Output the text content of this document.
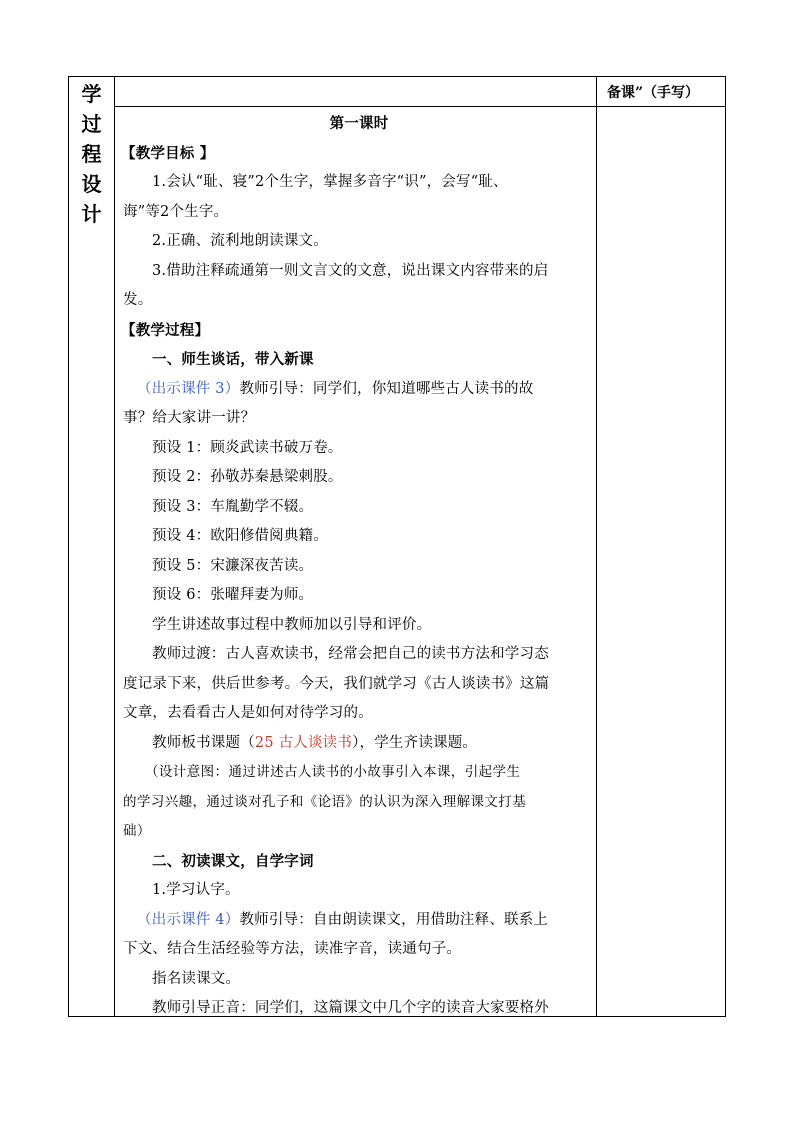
学
过
程
设
计
备课”（手写）
第一课时
【教学目标 】
1.会认“耻、寝”2个生字，掌握多音字“识”，会写“耻、
诲”等2个生字。
2.正确、流利地朗读课文。
3.借助注释疏通第一则文言文的文意，说出课文内容带来的启
发。
【教学过程】
一、师生谈话，带入新课
（出示课件 3）教师引导：同学们，你知道哪些古人读书的故
事？给大家讲一讲？
预设 1：顾炎武读书破万卷。
预设 2：孙敬苏秦悬梁刺股。
预设 3：车胤勤学不辍。
预设 4：欧阳修借阅典籍。
预设 5：宋濂深夜苦读。
预设 6：张曜拜妻为师。
学生讲述故事过程中教师加以引导和评价。
教师过渡：古人喜欢读书，经常会把自己的读书方法和学习态
度记录下来，供后世参考。今天，我们就学习《古人谈读书》这篇
文章，去看看古人是如何对待学习的。
教师板书课题（25 古人谈读书），学生齐读课题。
（设计意图：通过讲述古人读书的小故事引入本课，引起学生
的学习兴趣，通过谈对孔子和《论语》的认识为深入理解课文打基
础）
二、初读课文，自学字词
1.学习认字。
（出示课件 4）教师引导：自由朗读课文，用借助注释、联系上
下文、结合生活经验等方法，读准字音，读通句子。
指名读课文。
教师引导正音：同学们，这篇课文中几个字的读音大家要格外
